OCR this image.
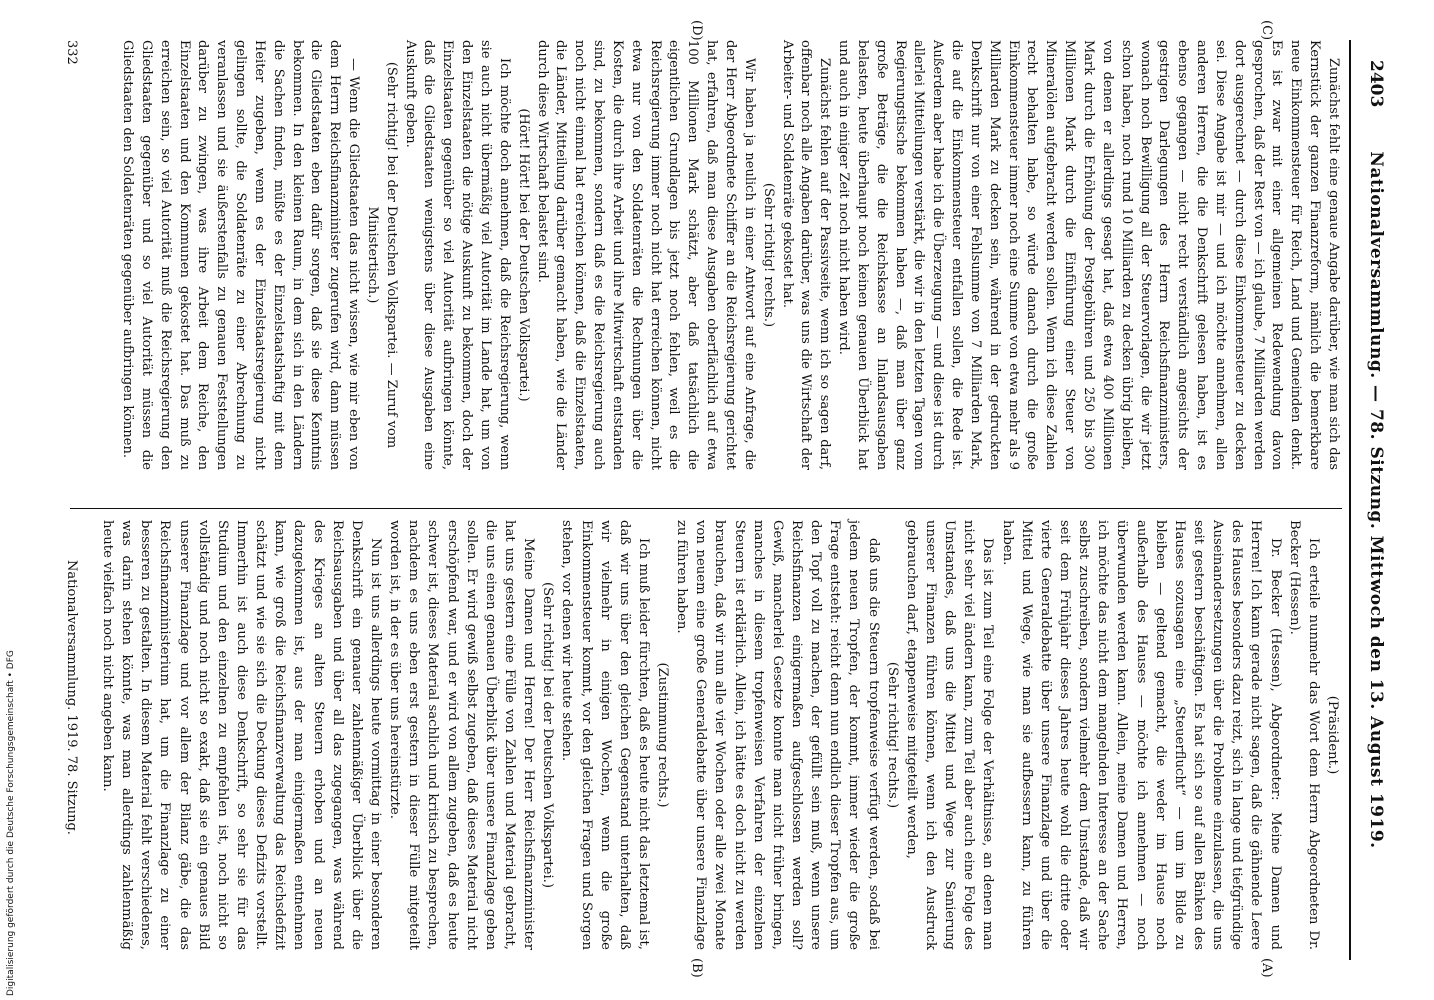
2403
Nationalversammlung. — 78. Sitzung. Mittwoch den 13. August 1919.
(C)
(D)
(A)
(B)

Zunächst fehlt eine genaue Angabe darüber, wie man sich das Kernstück der ganzen Finanzreform, nämlich die bemerkbare neue Einkommensteuer für Reich, Land und Gemeinden denkt. Es ist zwar mit einer allgemeinen Redewendung davon gesprochen, daß der Rest von — ich glaube, 7 Milliarden werden dort ausgerechnet — durch diese Einkommensteuer zu decken sei. Diese Angabe ist mir — und ich möchte annehmen, allen anderen Herren, die die Denkschrift gelesen haben, ist es ebenso gegangen — nicht recht verständlich angesichts der gestrigen Darlegungen des Herrn Reichsfinanzministers, wonach noch Bewilligung all der Steuervorlagen, die wir jetzt schon haben, noch rund 10 Milliarden zu decken übrig bleiben, von denen er allerdings gesagt hat, daß etwa 400 Millionen Mark durch die Erhöhung der Postgebühren und 250 bis 300 Millionen Mark durch die Einführung einer Steuer von Mineralölen aufgebracht werden sollen. Wenn ich diese Zahlen recht behalten habe, so würde danach durch die große Einkommensteuer immer noch eine Summe von etwa mehr als 9 Milliarden Mark zu decken sein, während in der gedruckten Denkschrift nur von einer Fehlsumme von 7 Milliarden Mark, die auf die Einkommensteuer entfallen sollen, die Rede ist. Außerdem aber habe ich die Überzeugung — und diese ist durch allerlei Mitteilungen verstärkt, die wir in den letzten Tagen vom Regierungstische bekommen haben —, daß man über ganz große Beträge, die die Reichskasse an Inlandsausgaben belasten, heute überhaupt noch keinen genauen Überblick hat und auch in einiger Zeit noch nicht haben wird.

Zunächst fehlen auf der Passivseite, wenn ich so sagen darf, offenbar noch alle Angaben darüber, was uns die Wirtschaft der Arbeiter- und Soldatenräte gekostet hat.

(Sehr richtig! rechts.)

Wir haben ja neulich in einer Antwort auf eine Anfrage, die der Herr Abgeordnete Schiffer an die Reichsregierung gerichtet hat, erfahren, daß man diese Ausgaben oberflächlich auf etwa 100 Millionen Mark schätzt, aber daß tatsächlich die eigentlichen Grundlagen bis jetzt noch fehlen, weil es die Reichsregierung immer noch nicht hat erreichen können, nicht etwa nur von den Soldatenräten die Rechnungen über die Kosten, die durch ihre Arbeit und ihre Mitwirtschaft entstanden sind, zu bekommen, sondern daß es die Reichsregierung auch noch nicht einmal hat erreichen können, daß die Einzelstaaten, die Länder, Mitteilung darüber gemacht haben, wie die Länder durch diese Wirtschaft belastet sind.

(Hört! Hört! bei der Deutschen Volkspartei.)

Ich möchte doch annehmen, daß die Reichsregierung, wenn sie auch nicht übermäßig viel Autorität im Lande hat, um von den Einzelstaaten die nötige Auskunft zu bekommen, doch der Einzelstaaten gegenüber so viel Autorität aufbringen könnte, daß die Gliedstaaten wenigstens über diese Ausgaben eine Auskunft geben.

(Sehr richtig! bei der Deutschen Volkspartei. — Zuruf vom Ministertisch.)

— Wenn die Gliedstaaten das nicht wissen, wie mir eben von dem Herrn Reichsfinanzminister zugerufen wird, dann müssen die Gliedstaaten eben dafür sorgen, daß sie diese Kenntnis bekommen. In den kleinen Raum, in dem sich in den Ländern die Sachen finden, müßte es der Einzelstaatshaftig mit dem Heiter zugeben, wenn es der Einzelstaatsregierung nicht gelingen sollte, die Soldatenräte zu einer Abrechnung zu veranlassen und sie äußerstenfalls zu genauen Feststellungen darüber zu zwingen, was ihre Arbeit dem Reiche, den Einzelstaaten und den Kommunen gekostet hat. Das muß zu erreichen sein, so viel Autorität muß die Reichsregierung den Gliedstaaten gegenüber und so viel Autorität müssen die Gliedstaaten den Soldatenräten gegenüber aufbringen können.

(Präsident.)

Ich erteile nunmehr das Wort dem Herrn Abgeordneten Dr. Becker (Hessen).

Dr. Becker (Hessen), Abgeordneter: Meine Damen und Herren! Ich kann gerade nicht sagen, daß die gähnende Leere des Hauses besonders dazu reizt, sich in lange und tiefgründige Auseinandersetzungen über die Probleme einzulassen, die uns seit gestern beschäftigen. Es hat sich so auf allen Bänken des Hauses sozusagen eine „Steuerflucht“ — um im Bilde zu bleiben — geltend gemacht, die weder im Hause noch außerhalb des Hauses — möchte ich annehmen — noch überwunden werden kann. Allein, meine Damen und Herren, ich möchte das nicht dem mangelnden Interesse an der Sache selbst zuschreiben, sondern vielmehr dem Umstande, daß wir seit dem Frühjahr dieses Jahres heute wohl die dritte oder vierte Generaldebatte über unsere Finanzlage und über die Mittel und Wege, wie man sie aufbessern kann, zu führen haben.

Das ist zum Teil eine Folge der Verhältnisse, an denen man nicht sehr viel ändern kann, zum Teil aber auch eine Folge des Umstandes, daß uns die Mittel und Wege zur Sanierung unserer Finanzen führen können, wenn ich den Ausdruck gebrauchen darf, etappenweise mitgeteilt werden,

(Sehr richtig! rechts.)

daß uns die Steuern tropfenweise verfügt werden, sodaß bei jedem neuen Tropfen, der kommt, immer wieder die große Frage entsteht: reicht denn nun endlich dieser Tropfen aus, um den Topf voll zu machen, der gefüllt sein muß, wenn unsere Reichsfinanzen einigermaßen aufgeschlossen werden soll? Gewiß, mancherlei Gesetze konnte man nicht früher bringen, manches in diesem tropfenweisen Verfahren der einzelnen Steuern ist erklärlich. Allein, ich hätte es doch nicht zu werden brauchen, daß wir nun alle vier Wochen oder alle zwei Monate von neuem eine große Generaldebatte über unsere Finanzlage zu führen haben.

(Zustimmung rechts.)

Ich muß leider fürchten, daß es heute nicht das letztemal ist, daß wir uns über den gleichen Gegenstand unterhalten, daß wir vielmehr in einigen Wochen, wenn die große Einkommensteuer kommt, vor den gleichen Fragen und Sorgen stehen, vor denen wir heute stehen.

(Sehr richtig! bei der Deutschen Volkspartei.)

Meine Damen und Herren! Der Herr Reichsfinanzminister hat uns gestern eine Fülle von Zahlen und Material gebracht, die uns einen genauen Überblick über unsere Finanzlage geben sollen. Er wird gewiß selbst zugeben, daß dieses Material nicht erschöpfend war, und er wird von allem zugeben, daß es heute schwer ist, dieses Material sachlich und kritisch zu besprechen, nachdem es uns eben erst gestern in dieser Fülle mitgeteilt worden ist, in der es über uns hereinstürzte.

Nun ist uns allerdings heute vormittag in einer besonderen Denkschrift ein genauer zahlenmäßiger Überblick über die Reichsausgaben und über all das zugegangen, was während des Krieges an alten Steuern erhoben und an neuen dazugekommen ist, aus der man einigermaßen entnehmen kann, wie groß die Reichsfinanzverwaltung das Reichsdefizit schätzt und wie sie sich die Deckung dieses Defizits vorstellt. Immerhin ist auch diese Denkschrift, so sehr sie für das Studium und den einzelnen zu empfehlen ist, noch nicht so vollständig und noch nicht so exakt, daß sie ein genaues Bild unserer Finanzlage und vor allem der Bilanz gäbe, die das Reichsfinanzministerium hat, um die Finanzlage zu einer besseren zu gestalten. In diesem Material fehlt verschiedenes, was darin stehen könnte, was man allerdings zahlenmäßig heute vielfach noch nicht angeben kann.

332
Nationalversammlung. 1919. 78. Sitzung.
Digitalisierung gefördert durch die Deutsche Forschungsgemeinschaft • DFG
